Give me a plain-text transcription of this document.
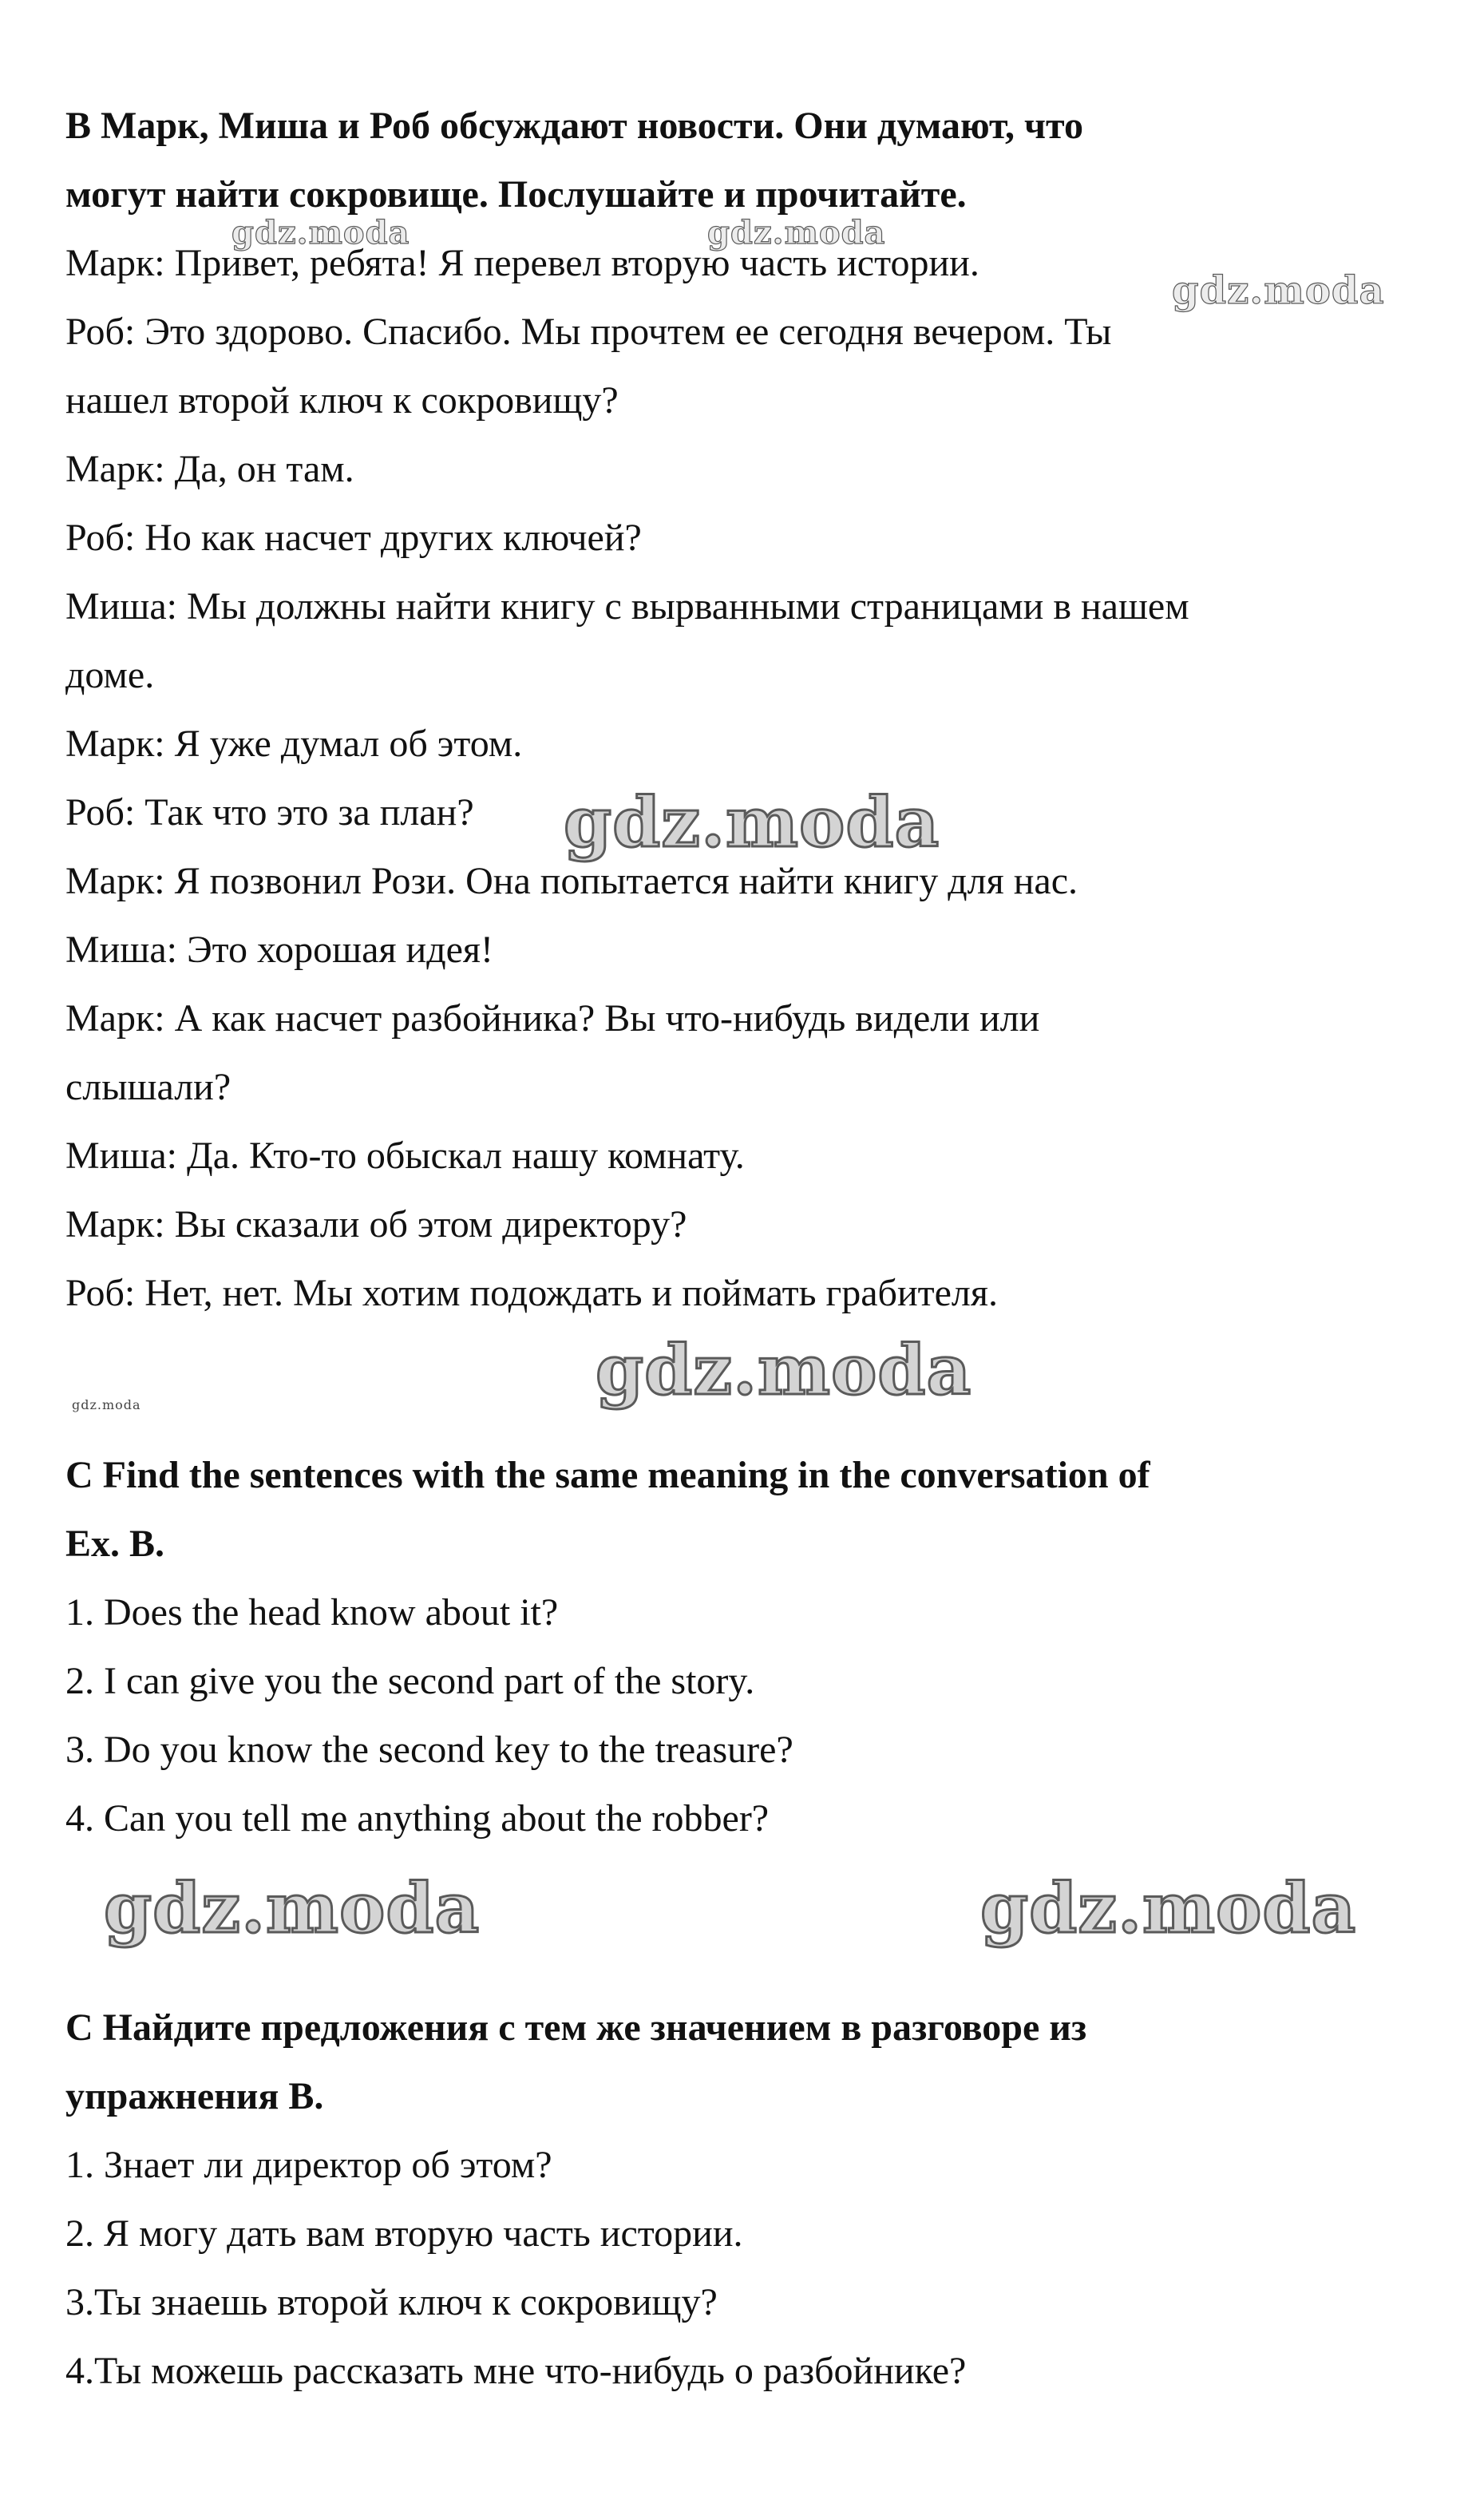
В Марк, Миша и Роб обсуждают новости. Они думают, что
могут найти сокровище. Послушайте и прочитайте.
Марк: Привет, ребята! Я перевел вторую часть истории.
Роб: Это здорово. Спасибо. Мы прочтем ее сегодня вечером. Ты
нашел второй ключ к сокровищу?
Марк: Да, он там.
Роб: Но как насчет других ключей?
Миша: Мы должны найти книгу с вырванными страницами в нашем
доме.
Марк: Я уже думал об этом.
Роб: Так что это за план?
Марк: Я позвонил Рози. Она попытается найти книгу для нас.
Миша: Это хорошая идея!
Марк: А как насчет разбойника? Вы что-нибудь видели или
слышали?
Миша: Да. Кто-то обыскал нашу комнату.
Марк: Вы сказали об этом директору?
Роб: Нет, нет. Мы хотим подождать и поймать грабителя.
C Find the sentences with the same meaning in the conversation of
Ex. B.
1. Does the head know about it?
2. I can give you the second part of the story.
3. Do you know the second key to the treasure?
4. Can you tell me anything about the robber?
С Найдите предложения с тем же значением в разговоре из
упражнения В.
1. Знает ли директор об этом?
2. Я могу дать вам вторую часть истории.
3.Ты знаешь второй ключ к сокровищу?
4.Ты можешь рассказать мне что-нибудь о разбойнике?
gdz.moda	gdz.moda
gdz.moda
gdz.moda
gdz.moda
gdz.moda
gdz.moda	gdz.moda
